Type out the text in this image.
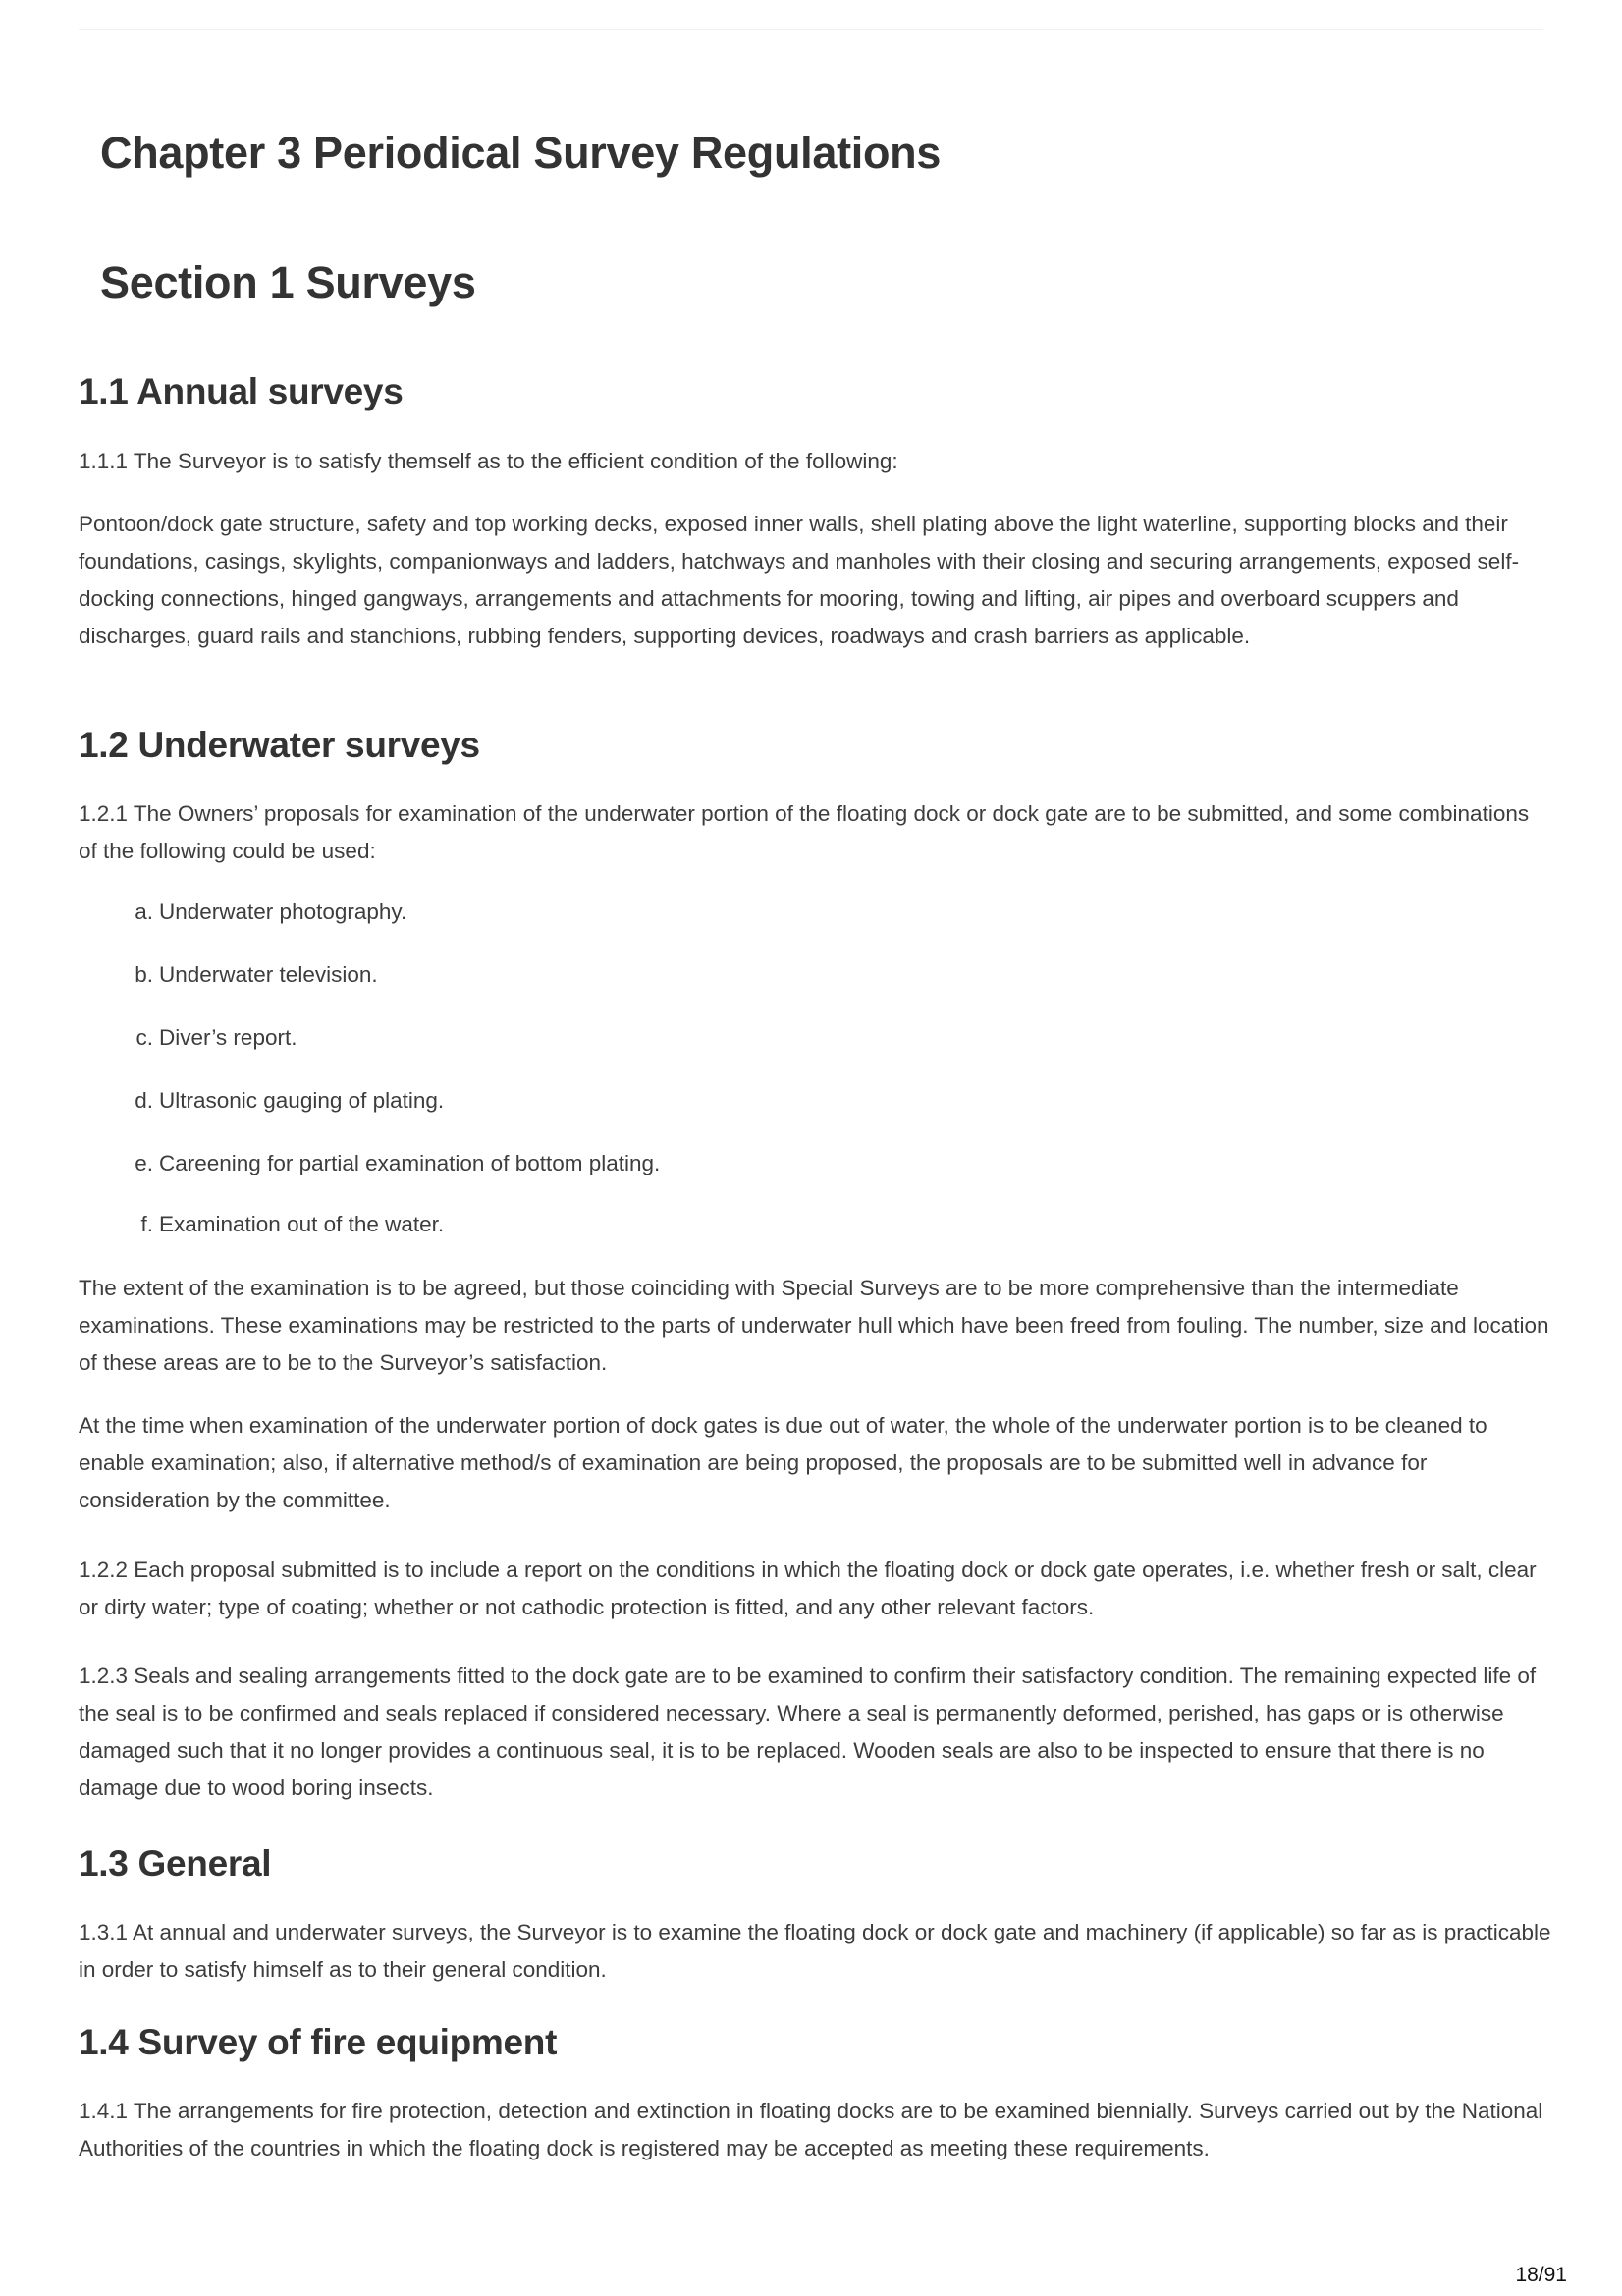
Chapter 3 Periodical Survey Regulations
Section 1 Surveys
1.1 Annual surveys

1.1.1 The Surveyor is to satisfy themself as to the efficient condition of the following:

Pontoon/dock gate structure, safety and top working decks, exposed inner walls, shell plating above the light waterline, supporting blocks and their foundations, casings, skylights, companionways and ladders, hatchways and manholes with their closing and securing arrangements, exposed self-docking connections, hinged gangways, arrangements and attachments for mooring, towing and lifting, air pipes and overboard scuppers and discharges, guard rails and stanchions, rubbing fenders, supporting devices, roadways and crash barriers as applicable.

1.2 Underwater surveys

1.2.1 The Owners’ proposals for examination of the underwater portion of the floating dock or dock gate are to be submitted, and some combinations of the following could be used:

a. Underwater photography.
b. Underwater television.
c. Diver’s report.
d. Ultrasonic gauging of plating.
e. Careening for partial examination of bottom plating.
f. Examination out of the water.

The extent of the examination is to be agreed, but those coinciding with Special Surveys are to be more comprehensive than the intermediate examinations. These examinations may be restricted to the parts of underwater hull which have been freed from fouling. The number, size and location of these areas are to be to the Surveyor’s satisfaction.

At the time when examination of the underwater portion of dock gates is due out of water, the whole of the underwater portion is to be cleaned to enable examination; also, if alternative method/s of examination are being proposed, the proposals are to be submitted well in advance for consideration by the committee.

1.2.2 Each proposal submitted is to include a report on the conditions in which the floating dock or dock gate operates, i.e. whether fresh or salt, clear or dirty water; type of coating; whether or not cathodic protection is fitted, and any other relevant factors.

1.2.3 Seals and sealing arrangements fitted to the dock gate are to be examined to confirm their satisfactory condition. The remaining expected life of the seal is to be confirmed and seals replaced if considered necessary. Where a seal is permanently deformed, perished, has gaps or is otherwise damaged such that it no longer provides a continuous seal, it is to be replaced. Wooden seals are also to be inspected to ensure that there is no damage due to wood boring insects.

1.3 General

1.3.1 At annual and underwater surveys, the Surveyor is to examine the floating dock or dock gate and machinery (if applicable) so far as is practicable in order to satisfy himself as to their general condition.

1.4 Survey of fire equipment

1.4.1 The arrangements for fire protection, detection and extinction in floating docks are to be examined biennially. Surveys carried out by the National Authorities of the countries in which the floating dock is registered may be accepted as meeting these requirements.

18/91
